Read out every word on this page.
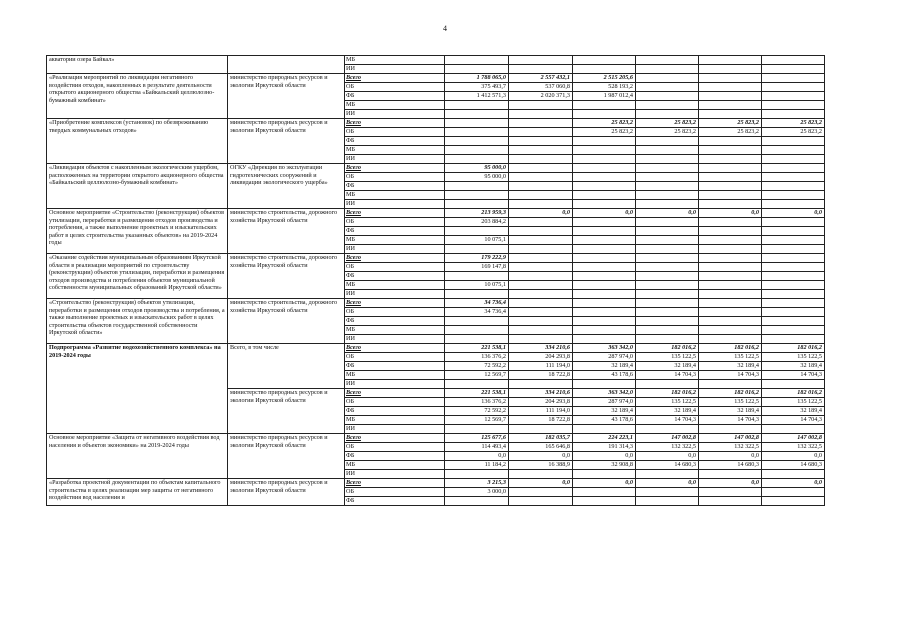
4
акватории озера Байкал»		МБ						
		ИИ						
«Реализация мероприятий по ликвидации негативного воздействия отходов, накопленных в результате деятельности открытого акционерного общества «Байкальский целлюлозно-бумажный комбинат»	министерство природных ресурсов и экологии Иркутской области	Всего	1 788 065,0	2 557 432,1	2 515 205,6			
		ОБ	375 493,7	537 060,8	528 193,2			
		ФБ	1 412 571,3	2 020 371,3	1 987 012,4			
		МБ						
		ИИ						
«Приобретение комплексов (установок) по обезвреживанию твердых коммунальных отходов»	министерство природных ресурсов и экологии Иркутской области	Всего			25 823,2	25 823,2	25 823,2	25 823,2
		ОБ			25 823,2	25 823,2	25 823,2	25 823,2
		ФБ						
		МБ						
		ИИ						
«Ликвидация объектов с накопленным экологическим ущербом, расположенных на территории открытого акционерного общества «Байкальский целлюлозно-бумажный комбинат»	ОГКУ «Дирекция по эксплуатации гидротехнических сооружений и ликвидации экологического ущерба»	Всего	95 000,0					
		ОБ	95 000,0					
		ФБ						
		МБ						
		ИИ						
Основное мероприятие «Строительство (реконструкция) объектов утилизации, переработки и размещения отходов производства и потребления, а также выполнение проектных и изыскательских работ в целях строительства указанных объектов» на 2019-2024 годы	министерство строительства, дорожного хозяйства Иркутской области	Всего	213 959,3	0,0	0,0	0,0	0,0	0,0
		ОБ	203 884,2					
		ФБ						
		МБ	10 075,1					
		ИИ						
«Оказание содействия муниципальным образованиям Иркутской области в реализации мероприятий по строительству (реконструкции) объектов утилизации, переработки и размещения отходов производства и потребления объектов муниципальной собственности муниципальных образований Иркутской области»	министерство строительства, дорожного хозяйства Иркутской области	Всего	179 222,9					
		ОБ	169 147,8					
		ФБ						
		МБ	10 075,1					
		ИИ						
«Строительство (реконструкция) объектов утилизации, переработки и размещения отходов производства и потребления, а также выполнение проектных и изыскательских работ в целях строительства объектов государственной собственности Иркутской области»	министерство строительства, дорожного хозяйства Иркутской области	Всего	34 736,4					
		ОБ	34 736,4					
		ФБ						
		МБ						
		ИИ						
Подпрограмма «Развитие водохозяйственного комплекса» на 2019-2024 годы	Всего, в том числе	Всего	221 538,1	334 210,6	363 342,0	182 016,2	182 016,2	182 016,2
		ОБ	136 376,2	204 293,8	287 974,0	135 122,5	135 122,5	135 122,5
		ФБ	72 592,2	111 194,0	32 189,4	32 189,4	32 189,4	32 189,4
		МБ	12 569,7	18 722,8	43 178,6	14 704,3	14 704,3	14 704,3
		ИИ						
	министерство природных ресурсов и экологии Иркутской области	Всего	221 538,1	334 210,6	363 342,0	182 016,2	182 016,2	182 016,2
		ОБ	136 376,2	204 293,8	287 974,0	135 122,5	135 122,5	135 122,5
		ФБ	72 592,2	111 194,0	32 189,4	32 189,4	32 189,4	32 189,4
		МБ	12 569,7	18 722,8	43 178,6	14 704,3	14 704,3	14 704,3
		ИИ						
Основное мероприятие «Защита от негативного воздействия вод населения и объектов экономики» на 2019-2024 годы	министерство природных ресурсов и экологии Иркутской области	Всего	125 677,6	182 035,7	224 223,1	147 002,8	147 002,8	147 002,8
		ОБ	114 493,4	165 646,8	191 314,3	132 322,5	132 322,5	132 322,5
		ФБ	0,0	0,0	0,0	0,0	0,0	0,0
		МБ	11 184,2	16 388,9	32 908,8	14 680,3	14 680,3	14 680,3
		ИИ						
«Разработка проектной документации по объектам капитального строительства в целях реализации мер защиты от негативного воздействия вод населения и	министерство природных ресурсов и экологии Иркутской области	Всего	3 215,3	0,0	0,0	0,0	0,0	0,0
		ОБ	3 000,0					
		ФБ						
